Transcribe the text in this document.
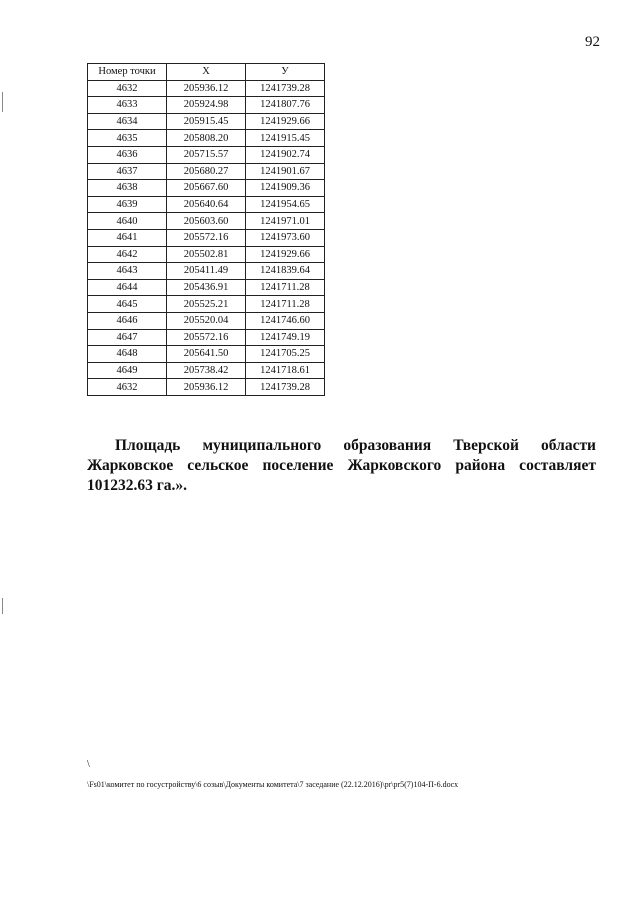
92
Номер точки	X	У
4632	205936.12	1241739.28
4633	205924.98	1241807.76
4634	205915.45	1241929.66
4635	205808.20	1241915.45
4636	205715.57	1241902.74
4637	205680.27	1241901.67
4638	205667.60	1241909.36
4639	205640.64	1241954.65
4640	205603.60	1241971.01
4641	205572.16	1241973.60
4642	205502.81	1241929.66
4643	205411.49	1241839.64
4644	205436.91	1241711.28
4645	205525.21	1241711.28
4646	205520.04	1241746.60
4647	205572.16	1241749.19
4648	205641.50	1241705.25
4649	205738.42	1241718.61
4632	205936.12	1241739.28

Площадь муниципального образования Тверской области Жарковское сельское поселение Жарковского района составляет 101232.63 га.».

\
\Fs01\комитет по госустройству\6 созыв\Документы комитета\7 заседание (22.12.2016)\pr\pr5(7)104-П-6.docx
